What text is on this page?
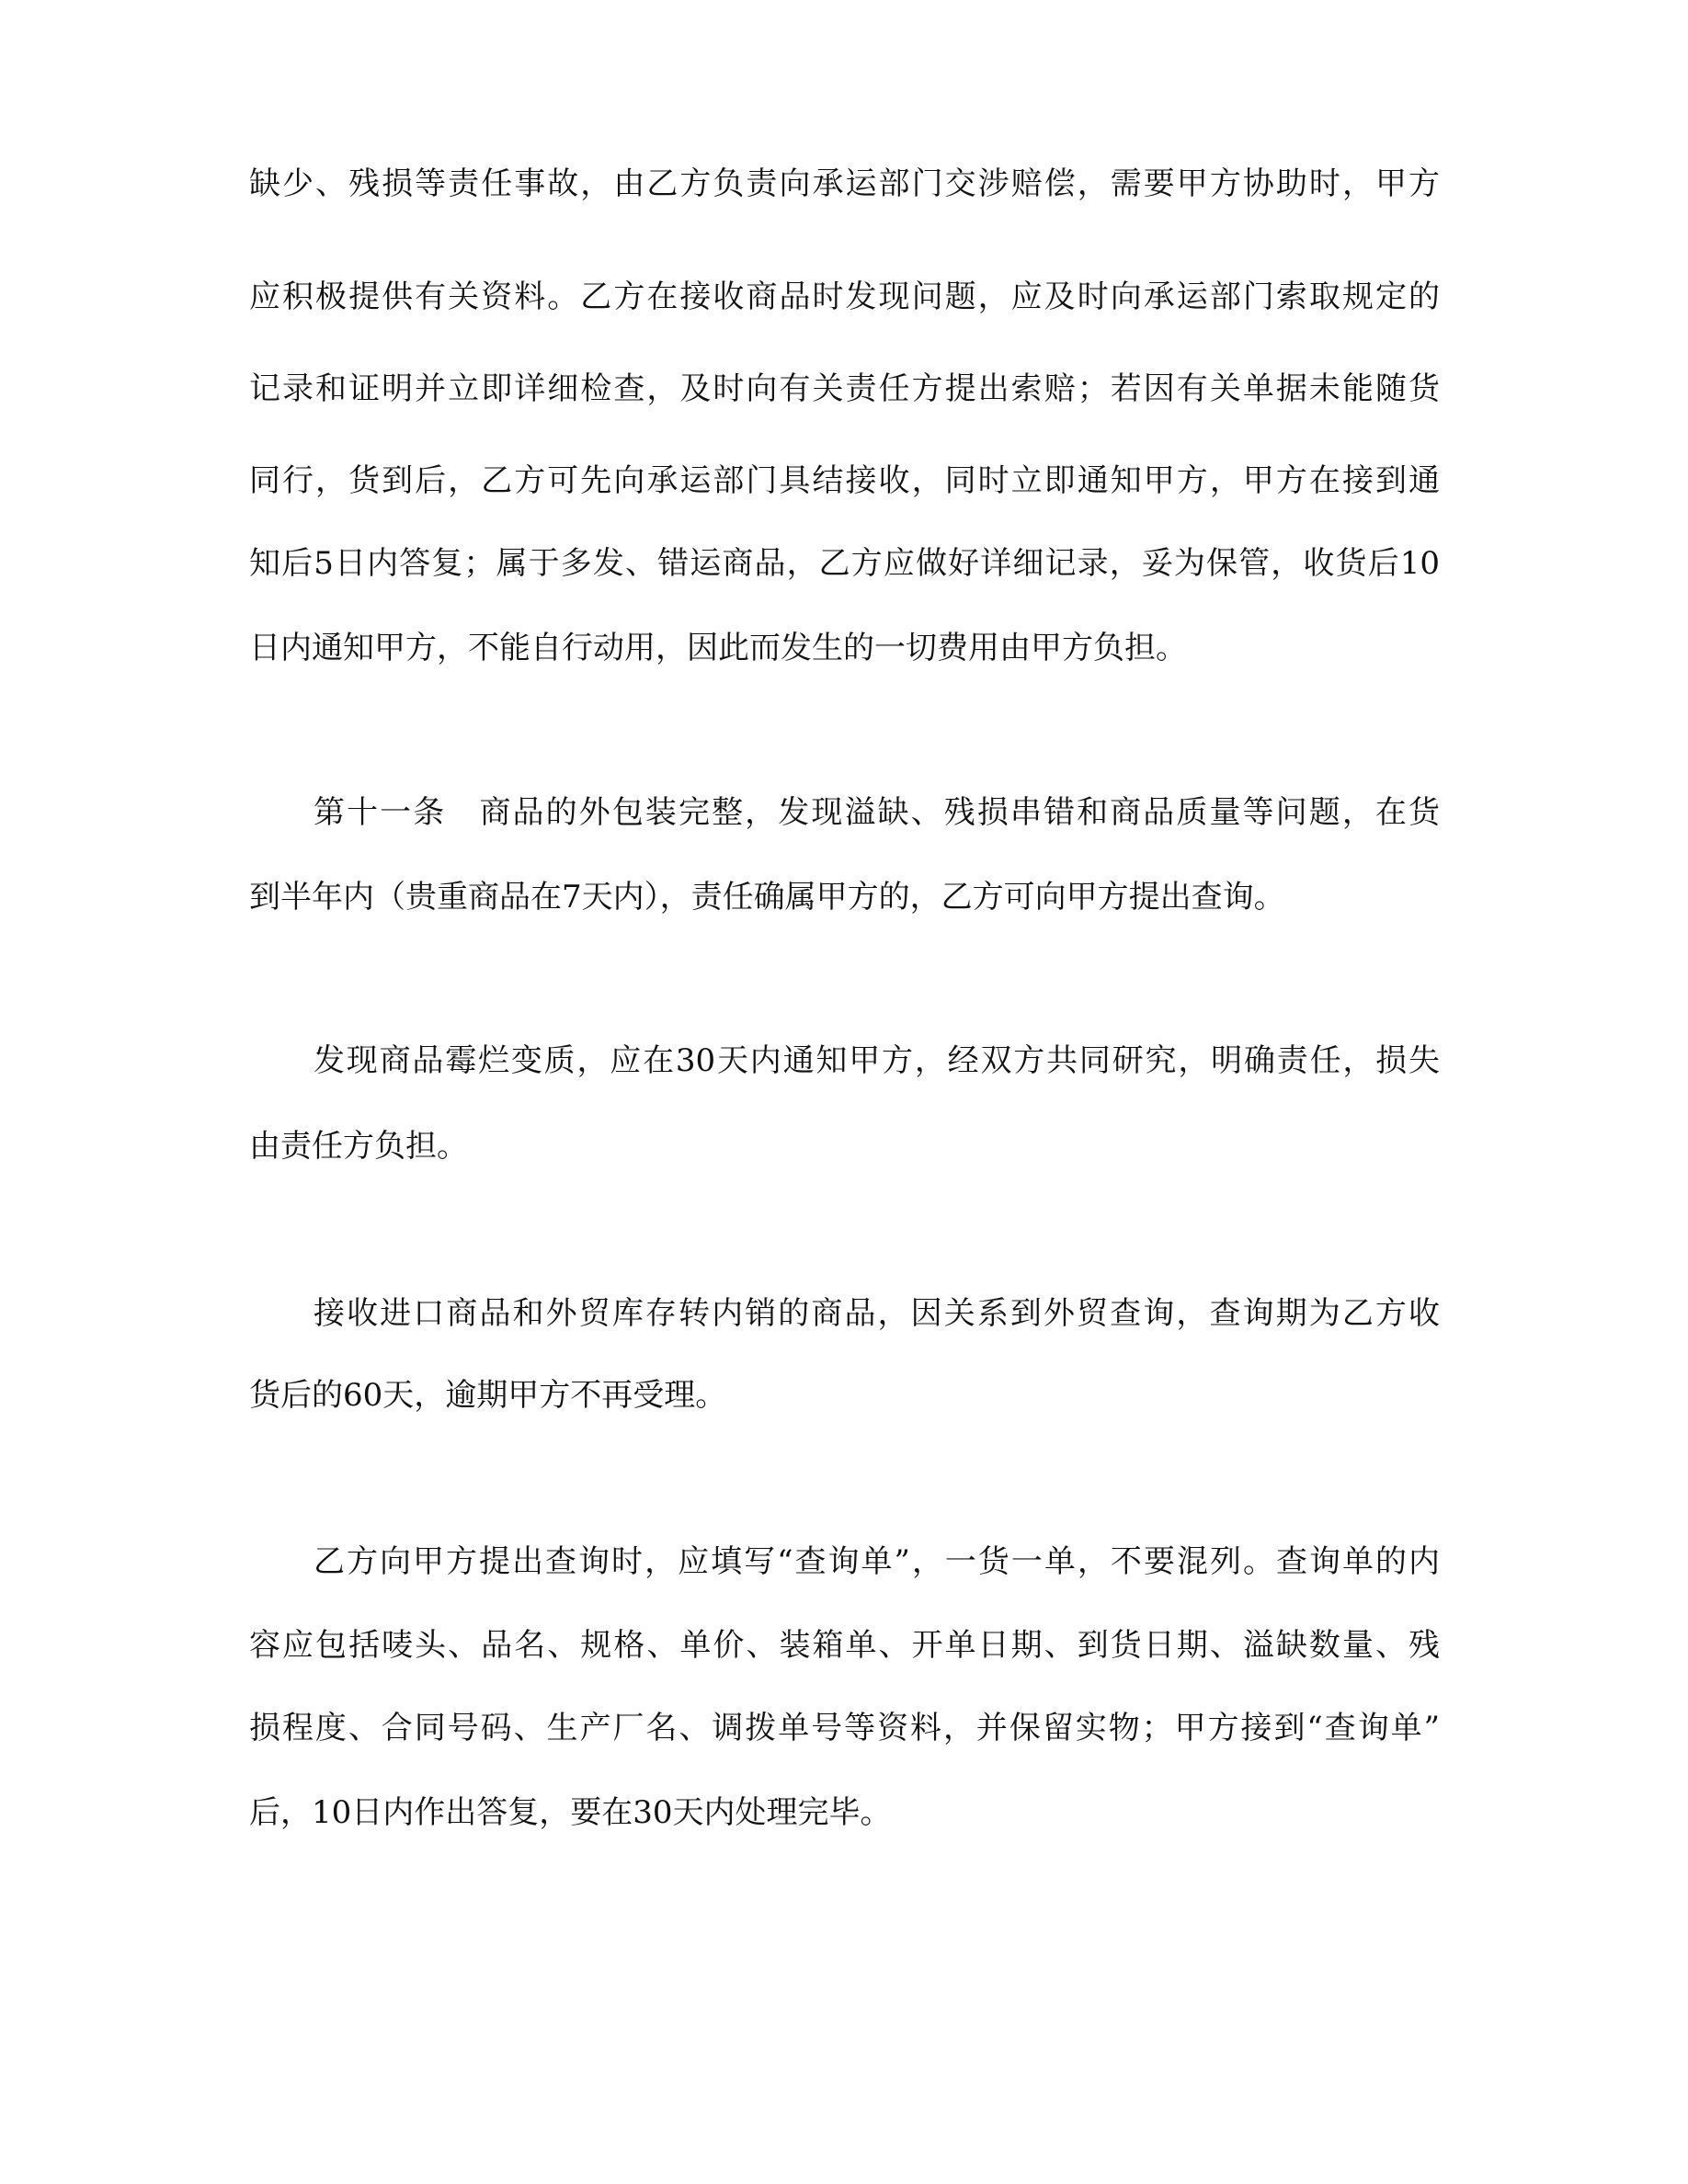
缺少、残损等责任事故，由乙方负责向承运部门交涉赔偿，需要甲方协助时，甲方
应积极提供有关资料。乙方在接收商品时发现问题，应及时向承运部门索取规定的
记录和证明并立即详细检查，及时向有关责任方提出索赔；若因有关单据未能随货
同行，货到后，乙方可先向承运部门具结接收，同时立即通知甲方，甲方在接到通
知后5日内答复；属于多发、错运商品，乙方应做好详细记录，妥为保管，收货后10
日内通知甲方，不能自行动用，因此而发生的一切费用由甲方负担。
第十一条　商品的外包装完整，发现溢缺、残损串错和商品质量等问题，在货
到半年内（贵重商品在7天内），责任确属甲方的，乙方可向甲方提出查询。
发现商品霉烂变质，应在30天内通知甲方，经双方共同研究，明确责任，损失
由责任方负担。
接收进口商品和外贸库存转内销的商品，因关系到外贸查询，查询期为乙方收
货后的60天，逾期甲方不再受理。
乙方向甲方提出查询时，应填写“查询单”，一货一单，不要混列。查询单的内
容应包括唛头、品名、规格、单价、装箱单、开单日期、到货日期、溢缺数量、残
损程度、合同号码、生产厂名、调拨单号等资料，并保留实物；甲方接到“查询单”
后，10日内作出答复，要在30天内处理完毕。
